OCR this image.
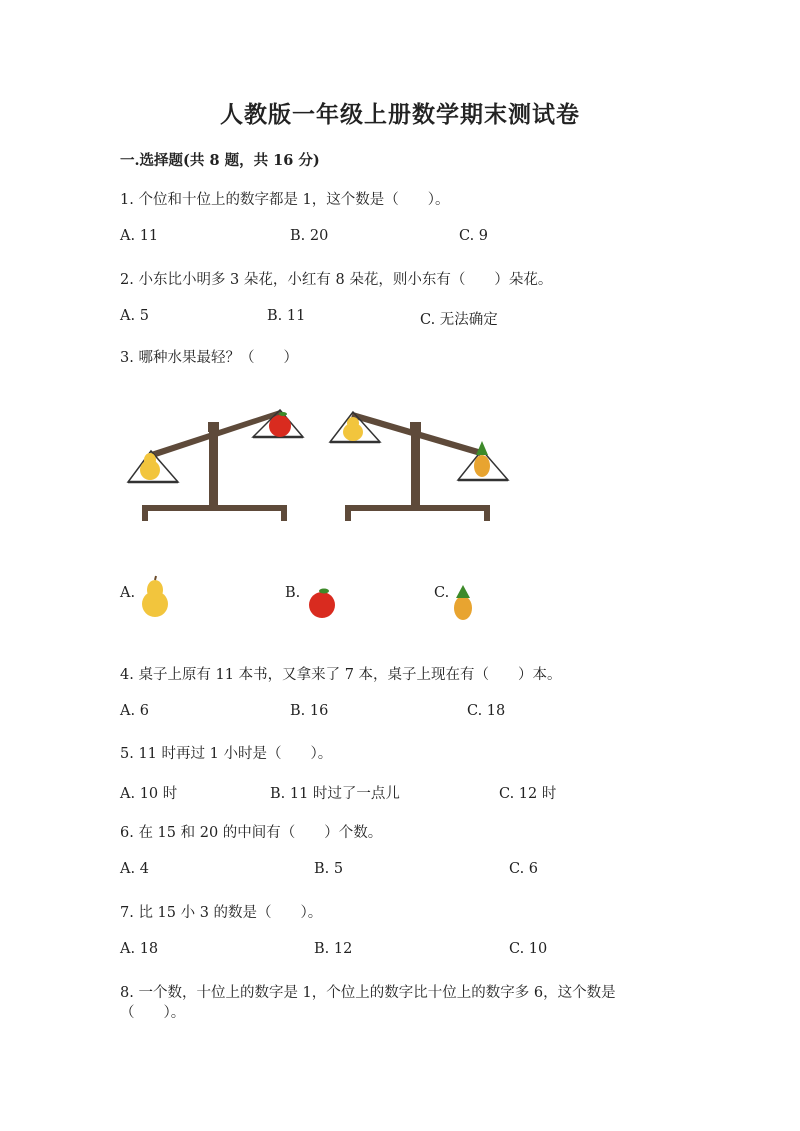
人教版一年级上册数学期末测试卷
一.选择题(共 8 题，共 16 分)
1. 个位和十位上的数字都是 1，这个数是（　　）。
A. 11	B. 20	C. 9
2. 小东比小明多 3 朵花，小红有 8 朵花，则小东有（　　）朵花。
A. 5	B. 11	C. 无法确定
3. 哪种水果最轻？（　　）
A.	B.	C.
4. 桌子上原有 11 本书，又拿来了 7 本，桌子上现在有（　　）本。
A. 6	B. 16	C. 18
5. 11 时再过 1 小时是（　　）。
A. 10 时	B. 11 时过了一点儿	C. 12 时
6. 在 15 和 20 的中间有（　　）个数。
A. 4	B. 5	C. 6
7. 比 15 小 3 的数是（　　）。
A. 18	B. 12	C. 10
8. 一个数，十位上的数字是 1，个位上的数字比十位上的数字多 6，这个数是
（　　）。
